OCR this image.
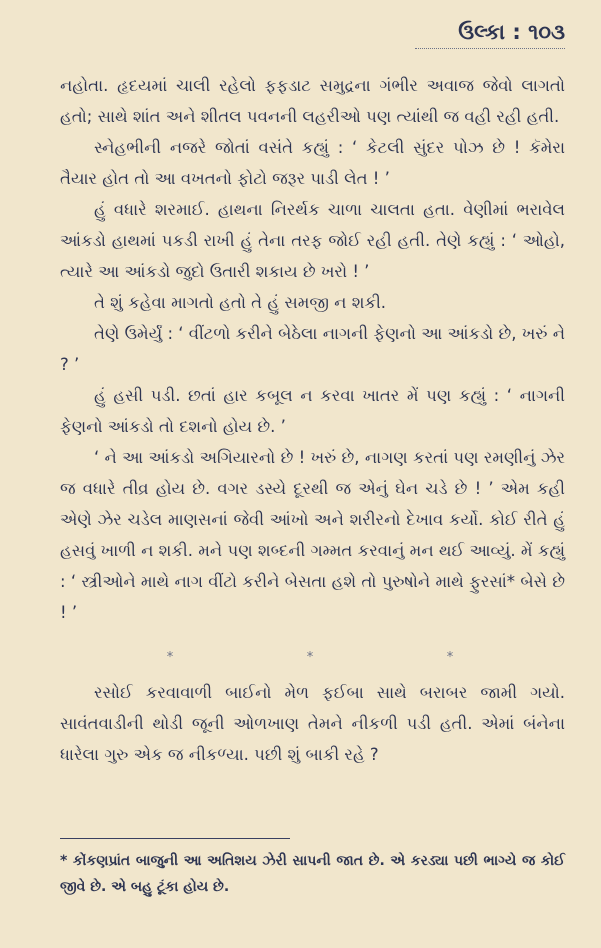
ઉલ્કા : ૧૦૩

નહોતા. હૃદયમાં ચાલી રહેલો ફફડાટ સમુદ્રના ગંભીર અવાજ જેવો લાગતો હતો; સાથે શાંત અને શીતલ પવનની લહરીઓ પણ ત્યાંથી જ વહી રહી હતી.

સ્નેહભીની નજરે જોતાં વસંતે કહ્યું : ‘ કેટલી સુંદર પોઝ છે ! કૅમેરા તૈયાર હોત તો આ વખતનો ફોટો જરૂર પાડી લેત ! ’

હું વધારે શરમાઈ. હાથના નિરર્થક ચાળા ચાલતા હતા. વેણીમાં ભરાવેલ આંકડો હાથમાં પકડી રાખી હું તેના તરફ જોઈ રહી હતી. તેણે કહ્યું : ‘ ઓહો, ત્યારે આ આંકડો જુદો ઉતારી શકાય છે ખરો ! ’

તે શું કહેવા માગતો હતો તે હું સમજી ન શકી.

તેણે ઉમેર્યું : ‘ વીંટળો કરીને બેઠેલા નાગની ફેણનો આ આંકડો છે, ખરું ને ? ’

હું હસી પડી. છતાં હાર કબૂલ ન કરવા ખાતર મેં પણ કહ્યું : ‘ નાગની ફેણનો આંકડો તો દશનો હોય છે. ’

‘ ને આ આંકડો અગિયારનો છે ! ખરું છે, નાગણ કરતાં પણ રમણીનું ઝેર જ વધારે તીવ્ર હોય છે. વગર ડસ્યે દૂરથી જ એનું ઘેન ચડે છે ! ’ એમ કહી એણે ઝેર ચડેલ માણસનાં જેવી આંખો અને શરીરનો દેખાવ કર્યો. કોઈ રીતે હું હસવું ખાળી ન શકી. મને પણ શબ્દની ગમ્મત કરવાનું મન થઈ આવ્યું. મેં કહ્યું : ‘ સ્ત્રીઓને માથે નાગ વીંટો કરીને બેસતા હશે તો પુરુષોને માથે ફુરસાં* બેસે છે ! ’

*	*	*

રસોઈ કરવાવાળી બાઈનો મેળ ફઈબા સાથે બરાબર જામી ગયો. સાવંતવાડીની થોડી જૂની ઓળખાણ તેમને નીકળી પડી હતી. એમાં બંનેના ધારેલા ગુરુ એક જ નીકળ્યા. પછી શું બાકી રહે ?

* કોંકણપ્રાંત બાજુની આ અતિશય ઝેરી સાપની જાત છે. એ કરડ્યા પછી ભાગ્યે જ કોઈ જીવે છે. એ બહુ ટૂંકા હોય છે.
